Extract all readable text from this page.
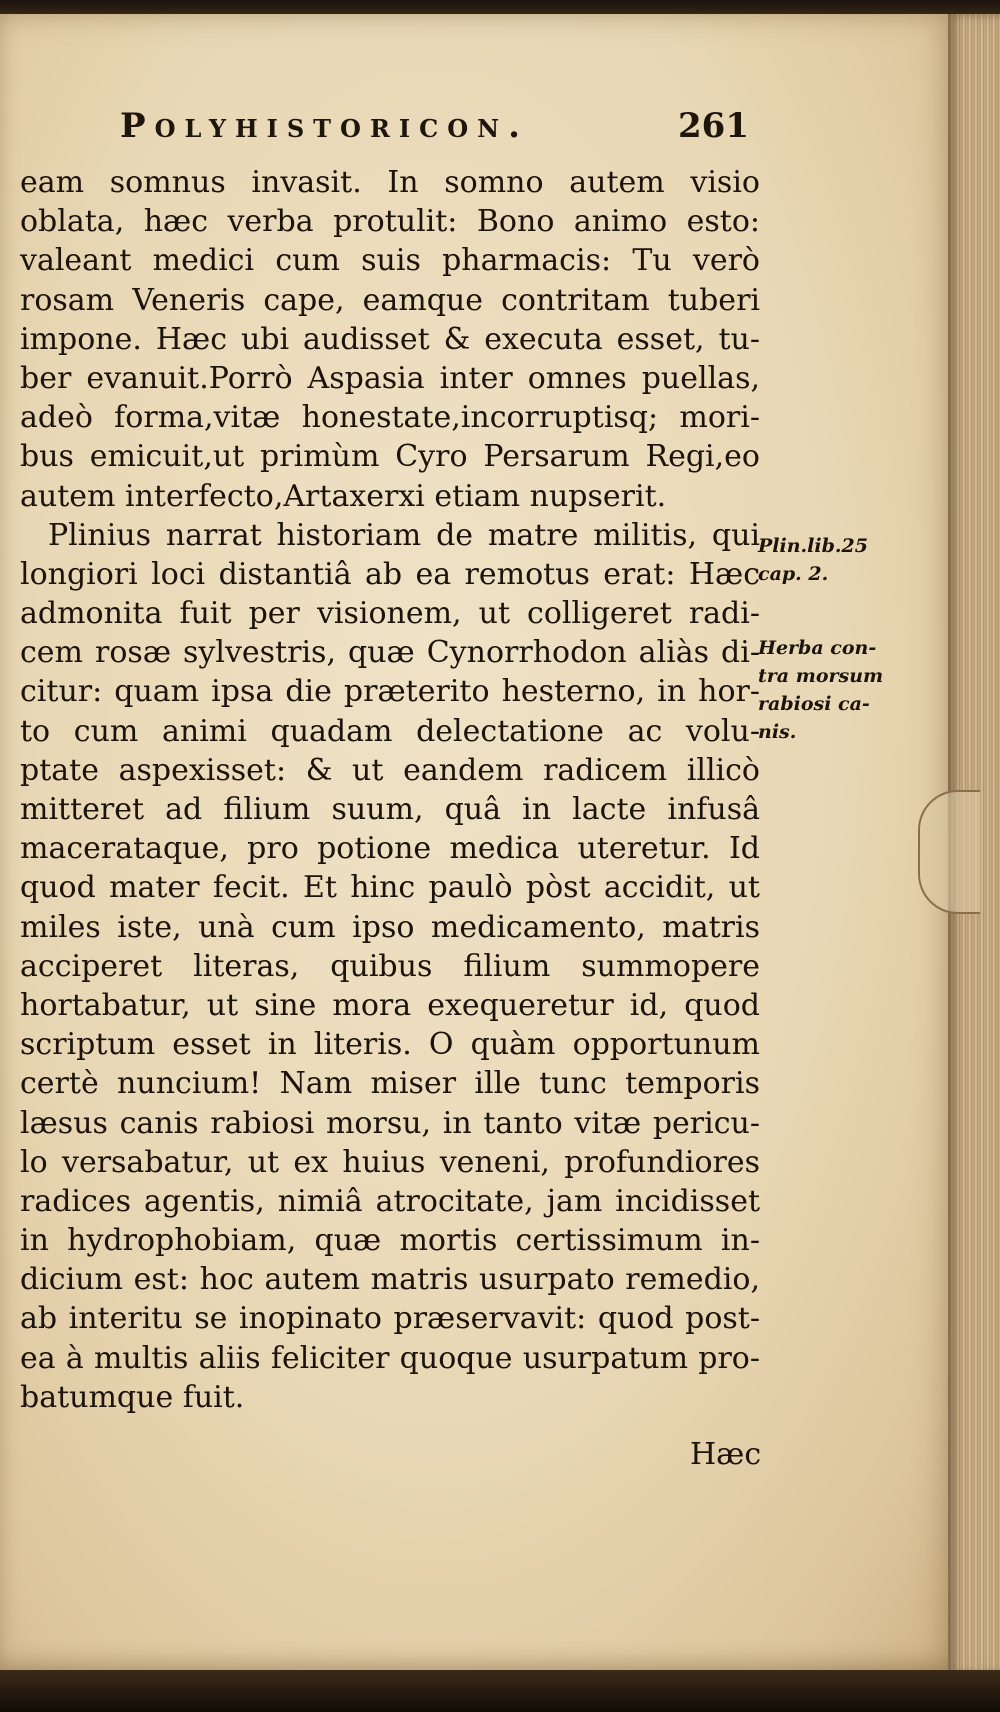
Polyhistoricon.	261
eam somnus invasit. In somno autem visio
oblata, hæc verba protulit: Bono animo esto:
valeant medici cum suis pharmacis: Tu verò
rosam Veneris cape, eamque contritam tuberi
impone. Hæc ubi audisset & executa esset, tu-
ber evanuit.Porrò Aspasia inter omnes puellas,
adeò forma,vitæ honestate,incorruptisq; mori-
bus emicuit,ut primùm Cyro Persarum Regi,eo
autem interfecto,Artaxerxi etiam nupserit.
Plinius narrat historiam de matre militis, qui
longiori loci distantiâ ab ea remotus erat: Hæc
admonita fuit per visionem, ut colligeret radi-
cem rosæ sylvestris, quæ Cynorrhodon aliàs di-
citur: quam ipsa die præterito hesterno, in hor-
to cum animi quadam delectatione ac volu-
ptate aspexisset: & ut eandem radicem illicò
mitteret ad filium suum, quâ in lacte infusâ
macerataque, pro potione medica uteretur. Id
quod mater fecit. Et hinc paulò pòst accidit, ut
miles iste, unà cum ipso medicamento, matris
acciperet literas, quibus filium summopere
hortabatur, ut sine mora exequeretur id, quod
scriptum esset in literis. O quàm opportunum
certè nuncium! Nam miser ille tunc temporis
læsus canis rabiosi morsu, in tanto vitæ pericu-
lo versabatur, ut ex huius veneni, profundiores
radices agentis, nimiâ atrocitate, jam incidisset
in hydrophobiam, quæ mortis certissimum in-
dicium est: hoc autem matris usurpato remedio,
ab interitu se inopinato præservavit: quod post-
ea à multis aliis feliciter quoque usurpatum pro-
batumque fuit.
Hæc
Plin.lib.25
cap. 2.
Herba con-
tra morsum
rabiosi ca-
nis.
